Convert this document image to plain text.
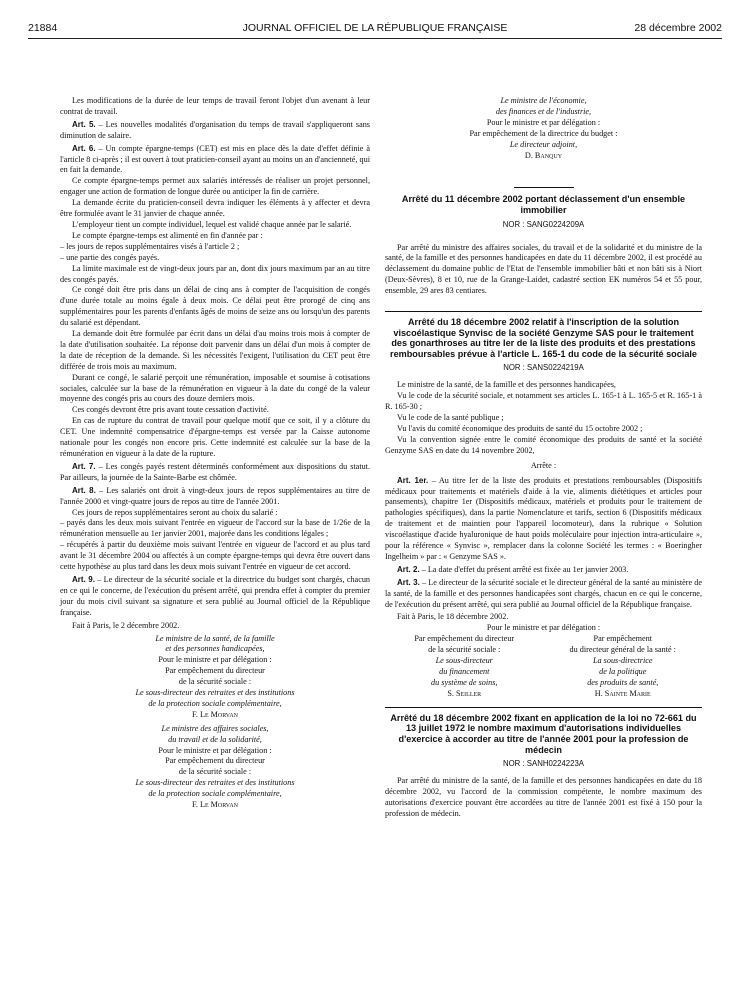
21884	JOURNAL OFFICIEL DE LA RÉPUBLIQUE FRANÇAISE	28 décembre 2002

Les modifications de la durée de leur temps de travail feront l'objet d'un avenant à leur contrat de travail.

Art. 5. – Les nouvelles modalités d'organisation du temps de travail s'appliqueront sans diminution de salaire.

Art. 6. – Un compte épargne-temps (CET) est mis en place dès la date d'effet définie à l'article 8 ci-après ; il est ouvert à tout praticien-conseil ayant au moins un an d'ancienneté, qui en fait la demande.

Ce compte épargne-temps permet aux salariés intéressés de réaliser un projet personnel, engager une action de formation de longue durée ou anticiper la fin de carrière.

La demande écrite du praticien-conseil devra indiquer les éléments à y affecter et devra être formulée avant le 31 janvier de chaque année.

L'employeur tient un compte individuel, lequel est validé chaque année par le salarié.

Le compte épargne-temps est alimenté en fin d'année par :

– les jours de repos supplémentaires visés à l'article 2 ;

– une partie des congés payés.

La limite maximale est de vingt-deux jours par an, dont dix jours maximum par an au titre des congés payés.

Ce congé doit être pris dans un délai de cinq ans à compter de l'acquisition de congés d'une durée totale au moins égale à deux mois. Ce délai peut être prorogé de cinq ans supplémentaires pour les parents d'enfants âgés de moins de seize ans ou lorsqu'un des parents du salarié est dépendant.

La demande doit être formulée par écrit dans un délai d'au moins trois mois à compter de la date d'utilisation souhaitée. La réponse doit parvenir dans un délai d'un mois à compter de la date de réception de la demande. Si les nécessités l'exigent, l'utilisation du CET peut être différée de trois mois au maximum.

Durant ce congé, le salarié perçoit une rémunération, imposable et soumise à cotisations sociales, calculée sur la base de la rémunération en vigueur à la date du congé de la valeur moyenne des congés pris au cours des douze derniers mois.

Ces congés devront être pris avant toute cessation d'activité.

En cas de rupture du contrat de travail pour quelque motif que ce soit, il y a clôture du CET. Une indemnité compensatrice d'épargne-temps est versée par la Caisse autonome nationale pour les congés non encore pris. Cette indemnité est calculée sur la base de la rémunération en vigueur à la date de la rupture.

Art. 7. – Les congés payés restent déterminés conformément aux dispositions du statut. Par ailleurs, la journée de la Sainte-Barbe est chômée.

Art. 8. – Les salariés ont droit à vingt-deux jours de repos supplémentaires au titre de l'année 2000 et vingt-quatre jours de repos au titre de l'année 2001.

Ces jours de repos supplémentaires seront au choix du salarié :

– payés dans les deux mois suivant l'entrée en vigueur de l'accord sur la base de 1/26e de la rémunération mensuelle au 1er janvier 2001, majorée dans les conditions légales ;

– récupérés à partir du deuxième mois suivant l'entrée en vigueur de l'accord et au plus tard avant le 31 décembre 2004 ou affectés à un compte épargne-temps qui devra être ouvert dans cette hypothèse au plus tard dans les deux mois suivant l'entrée en vigueur de cet accord.

Art. 9. – Le directeur de la sécurité sociale et la directrice du budget sont chargés, chacun en ce qui le concerne, de l'exécution du présent arrêté, qui prendra effet à compter du premier jour du mois civil suivant sa signature et sera publié au Journal officiel de la République française.

Fait à Paris, le 2 décembre 2002.

Le ministre de la santé, de la famille

et des personnes handicapées,

Pour le ministre et par délégation :

Par empêchement du directeur

de la sécurité sociale :

Le sous-directeur des retraites et des institutions

de la protection sociale complémentaire,

F. Le Morvan

Le ministre des affaires sociales,

du travail et de la solidarité,

Pour le ministre et par délégation :

Par empêchement du directeur

de la sécurité sociale :

Le sous-directeur des retraites et des institutions

de la protection sociale complémentaire,

F. Le Morvan

Le ministre de l'économie,

des finances et de l'industrie,

Pour le ministre et par délégation :

Par empêchement de la directrice du budget :

Le directeur adjoint,

D. Banquy

Arrêté du 11 décembre 2002 portant déclassement d'un ensemble immobilier

NOR : SANG0224209A

Par arrêté du ministre des affaires sociales, du travail et de la solidarité et du ministre de la santé, de la famille et des personnes handicapées en date du 11 décembre 2002, il est procédé au déclassement du domaine public de l'Etat de l'ensemble immobilier bâti et non bâti sis à Niort (Deux-Sèvres), 8 et 10, rue de la Grange-Laidet, cadastré section EK numéros 54 et 55 pour, ensemble, 29 ares 83 centiares.

Arrêté du 18 décembre 2002 relatif à l'inscription de la solution viscoélastique Synvisc de la société Genzyme SAS pour le traitement des gonarthroses au titre Ier de la liste des produits et des prestations remboursables prévue à l'article L. 165-1 du code de la sécurité sociale

NOR : SANS0224219A

Le ministre de la santé, de la famille et des personnes handicapées,

Vu le code de la sécurité sociale, et notamment ses articles L. 165-1 à L. 165-5 et R. 165-1 à R. 165-30 ;

Vu le code de la santé publique ;

Vu l'avis du comité économique des produits de santé du 15 octobre 2002 ;

Vu la convention signée entre le comité économique des produits de santé et la société Genzyme SAS en date du 14 novembre 2002,

Arrête :

Art. 1er. – Au titre Ier de la liste des produits et prestations remboursables (Dispositifs médicaux pour traitements et matériels d'aide à la vie, aliments diététiques et articles pour pansements), chapitre 1er (Dispositifs médicaux, matériels et produits pour le traitement de pathologies spécifiques), dans la partie Nomenclature et tarifs, section 6 (Dispositifs médicaux de traitement et de maintien pour l'appareil locomoteur), dans la rubrique « Solution viscoélastique d'acide hyaluronique de haut poids moléculaire pour injection intra-articulaire », pour la référence « Synvisc », remplacer dans la colonne Société les termes : « Boeringher Ingelheim » par : « Genzyme SAS ».

Art. 2. – La date d'effet du présent arrêté est fixée au 1er janvier 2003.

Art. 3. – Le directeur de la sécurité sociale et le directeur général de la santé au ministère de la santé, de la famille et des personnes handicapées sont chargés, chacun en ce qui le concerne, de l'exécution du présent arrêté, qui sera publié au Journal officiel de la République française.

Fait à Paris, le 18 décembre 2002.

Pour le ministre et par délégation :

Par empêchement du directeur

de la sécurité sociale :

Le sous-directeur

du financement

du système de soins,

S. Seiller

Par empêchement

du directeur général de la santé :

La sous-directrice

de la politique

des produits de santé,

H. Sainte Marie

Arrêté du 18 décembre 2002 fixant en application de la loi no 72-661 du 13 juillet 1972 le nombre maximum d'autorisations individuelles d'exercice à accorder au titre de l'année 2001 pour la profession de médecin

NOR : SANH0224223A

Par arrêté du ministre de la santé, de la famille et des personnes handicapées en date du 18 décembre 2002, vu l'accord de la commission compétente, le nombre maximum des autorisations d'exercice pouvant être accordées au titre de l'année 2001 est fixé à 150 pour la profession de médecin.
